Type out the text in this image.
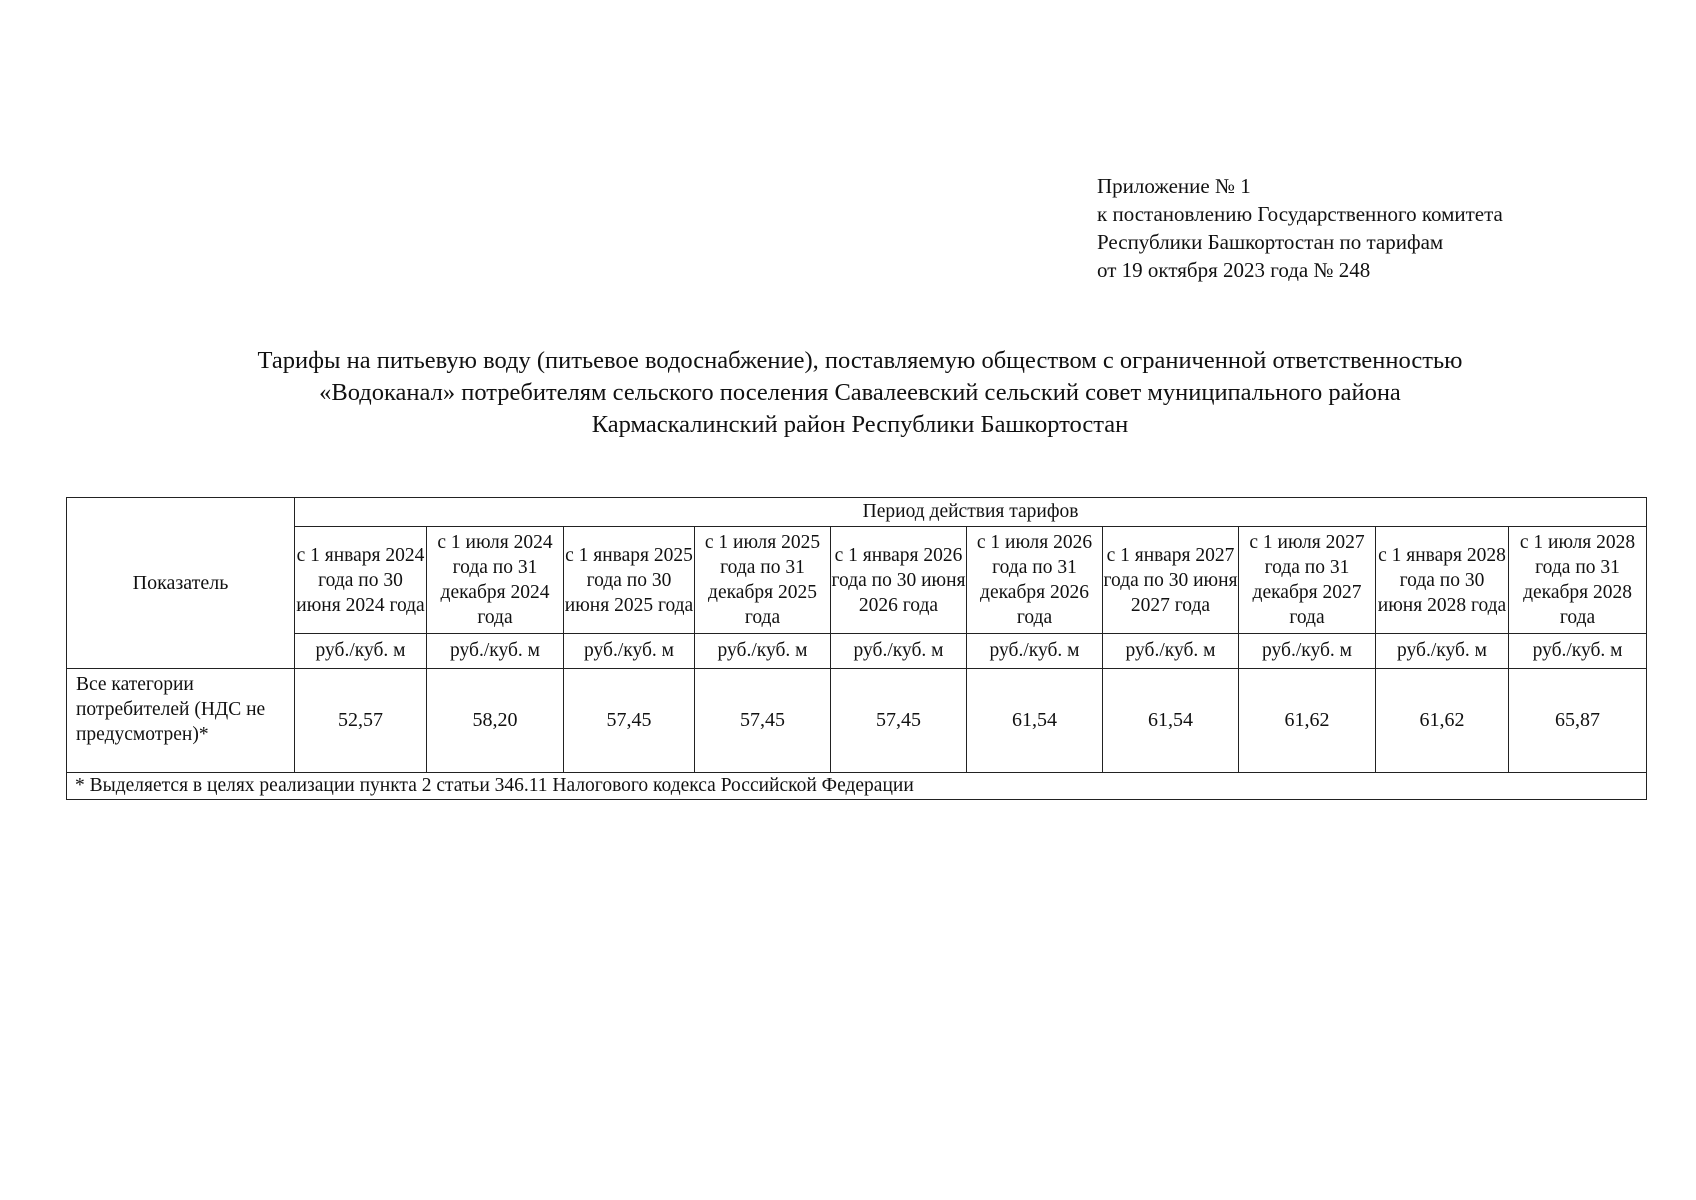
Приложение № 1
к постановлению Государственного комитета
Республики Башкортостан по тарифам
от 19 октября 2023 года № 248
Тарифы на питьевую воду (питьевое водоснабжение), поставляемую обществом с ограниченной ответственностью
«Водоканал» потребителям сельского поселения Савалеевский сельский совет муниципального района
Кармаскалинский район Республики Башкортостан
Показатель	Период действия тарифов									
	с 1 января 2024 года по 30 июня 2024 года	с 1 июля 2024 года по 31 декабря 2024 года	с 1 января 2025 года по 30 июня 2025 года	с 1 июля 2025 года по 31 декабря 2025 года	с 1 января 2026 года по 30 июня 2026 года	с 1 июля 2026 года по 31 декабря 2026 года	с 1 января 2027 года по 30 июня 2027 года	с 1 июля 2027 года по 31 декабря 2027 года	с 1 января 2028 года по 30 июня 2028 года	с 1 июля 2028 года по 31 декабря 2028 года
	руб./куб. м	руб./куб. м	руб./куб. м	руб./куб. м	руб./куб. м	руб./куб. м	руб./куб. м	руб./куб. м	руб./куб. м	руб./куб. м
Все категории потребителей (НДС не предусмотрен)*	52,57	58,20	57,45	57,45	57,45	61,54	61,54	61,62	61,62	65,87
* Выделяется в целях реализации пункта 2 статьи 346.11 Налогового кодекса Российской Федерации										
